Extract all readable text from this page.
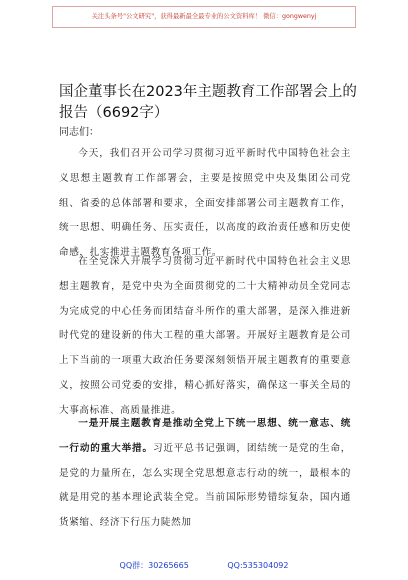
关注头条号"公文研究"，获得最新最全最专业的公文资料库！ 微信：gongwenyj
国企董事长在2023年主题教育工作部署会上的报告（6692字）

同志们：

今天，我们召开公司学习贯彻习近平新时代中国特色社会主义思想主题教育工作部署会，主要是按照党中央及集团公司党组、省委的总体部署和要求，全面安排部署公司主题教育工作，统一思想、明确任务、压实责任，以高度的政治责任感和历史使命感，扎实推进主题教育各项工作。

在全党深入开展学习贯彻习近平新时代中国特色社会主义思想主题教育，是党中央为全面贯彻党的二十大精神动员全党同志为完成党的中心任务而团结奋斗所作的重大部署，是深入推进新时代党的建设新的伟大工程的重大部署。开展好主题教育是公司上下当前的一项重大政治任务要深刻领悟开展主题教育的重要意义，按照公司党委的安排，精心抓好落实，确保这一事关全局的大事高标准、高质量推进。

一是开展主题教育是推动全党上下统一思想、统一意志、统一行动的重大举措。习近平总书记强调，团结统一是党的生命，是党的力量所在，怎么实现全党思想意志行动的统一，最根本的就是用党的基本理论武装全党。当前国际形势错综复杂，国内通货紧缩、经济下行压力陡然加

QQ群：30265665	QQ:535304092
